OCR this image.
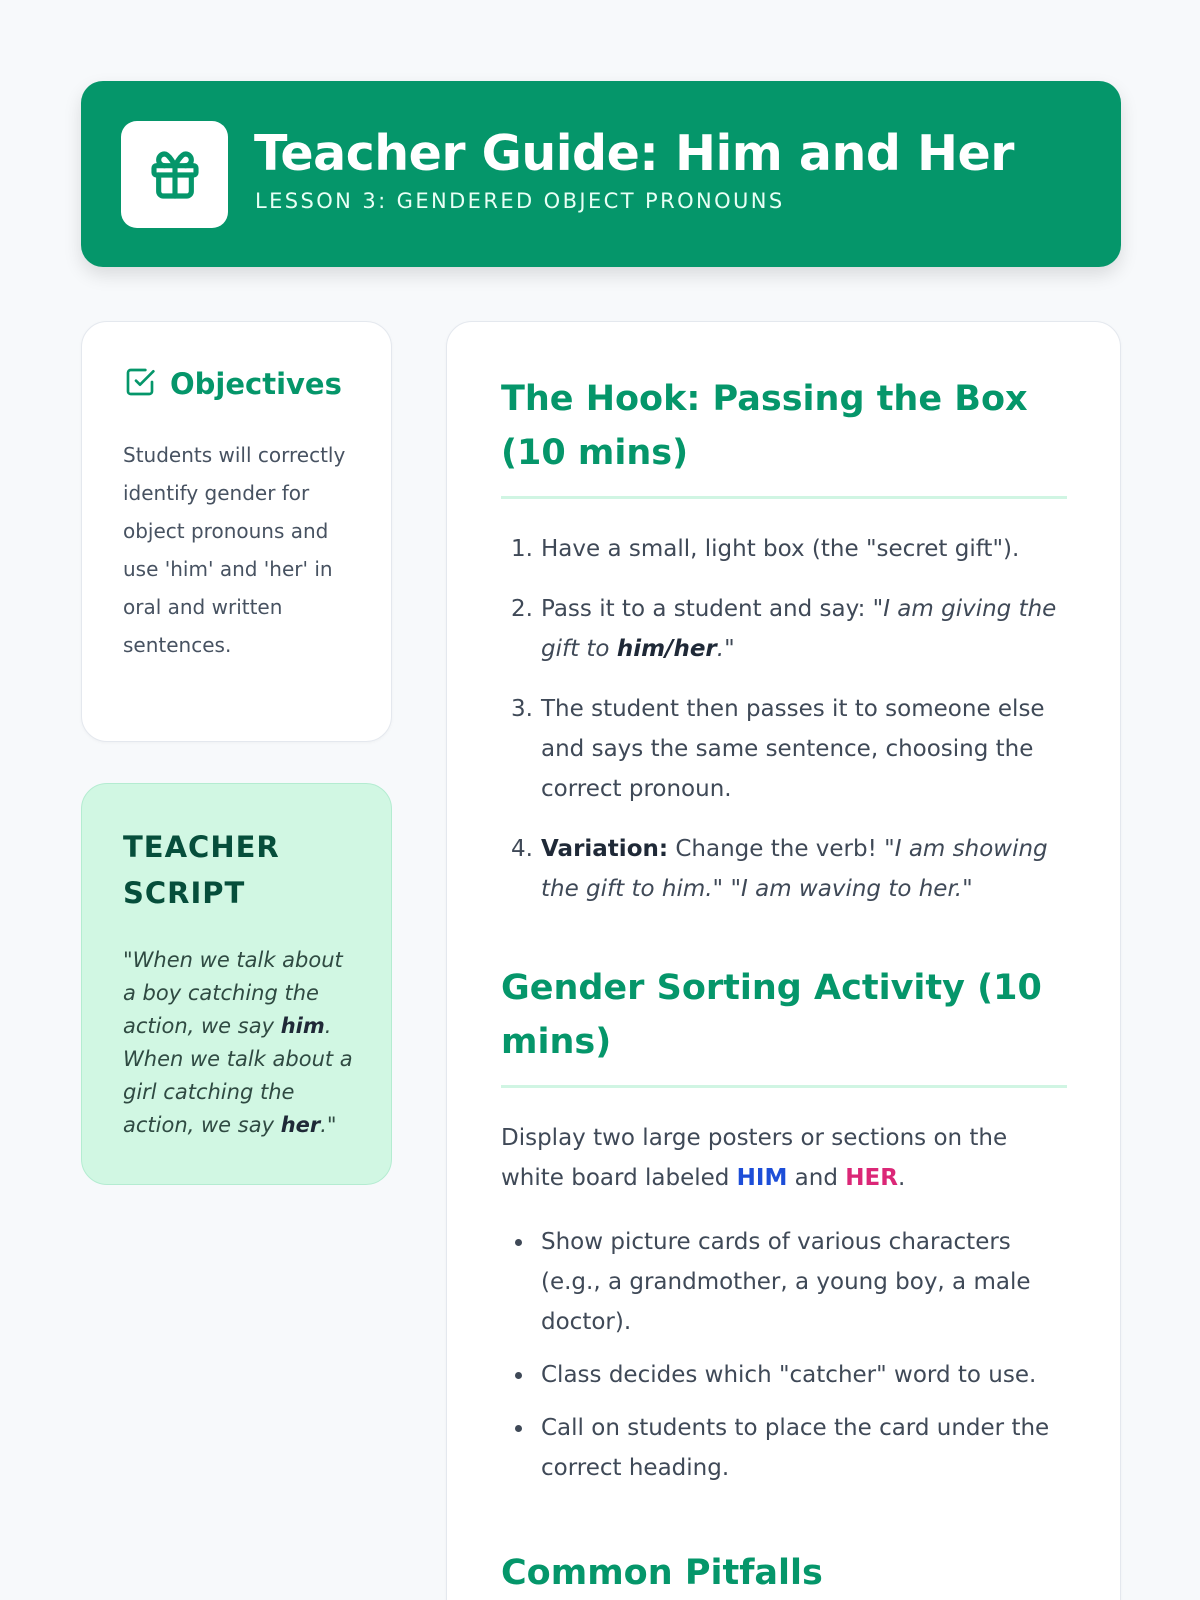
Teacher Guide: Him and Her
LESSON 3: GENDERED OBJECT PRONOUNS
Objectives
Students will correctly identify gender for object pronouns and use 'him' and 'her' in oral and written sentences.
TEACHER SCRIPT
"When we talk about a boy catching the action, we say him. When we talk about a girl catching the action, we say her."
The Hook: Passing the Box (10 mins)
1. Have a small, light box (the "secret gift").
2. Pass it to a student and say: "I am giving the gift to him/her."
3. The student then passes it to someone else and says the same sentence, choosing the correct pronoun.
4. Variation: Change the verb! "I am showing the gift to him." "I am waving to her."
Gender Sorting Activity (10 mins)

Display two large posters or sections on the white board labeled HIM and HER.

Show picture cards of various characters (e.g., a grandmother, a young boy, a male doctor).
Class decides which "catcher" word to use.
Call on students to place the card under the correct heading.
Common Pitfalls
